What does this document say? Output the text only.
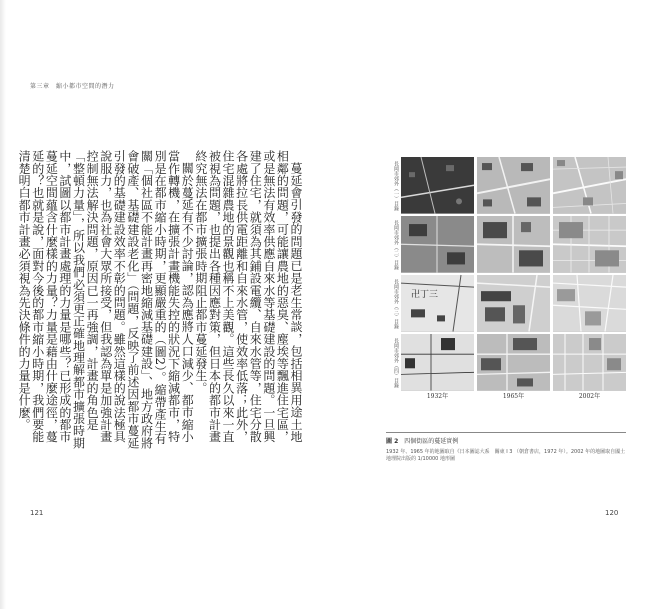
第三章　縮小都市空間的潛力

蔓延會引發的問題已是老生常談，包括相異用途土地相鄰的問題，可能讓農地的惡臭、塵埃等飄進住宅區，或是無法有效率供應自來水等基礎建設的問題。一旦興建了住宅，就須為其鋪設電纜、自來水管等，住宅分散各處將拉長供電距離和自來水管，使效率低落；此外，住宅混雜農地的景觀也稱不上美觀。這些長久以來一直被視為問題，也提出各種因應對策，但日本的都市計畫終究無法在都市擴張時期阻止都市蔓延發生。

關於蔓延有不少討論，認為應將人口減少、都市縮小當作轉機，在擴張計畫機能失控的狀況下縮減都市，特別是在都市縮小時期，更顯嚴重的（圖2）。縮帶產生有關「個社區不能計畫再密地縮減基礎建設」、地方政府將會破產、基礎建設老化」（問題，反映了前述因都市蔓延引發的基礎建設效率不彰的問題。雖然這樣的說法極具說服力，也為社會大眾所接受，但我認為單是加強計畫控制無法解決問題，原因已一再強調，計畫的角色是「整頓力量」，所以我們必須更正確地理解都市擴張時期中，試圖以都市計畫處理的力量是哪些？已形成的都市蔓延空間蘊含什麼樣的力量？力量是藉由什麼途徑，蔓延的？也就是說，面對今後的都市縮小時期，我們要能清楚明白都市計畫必須視為先決條件的力量是什麼。

121	120
長岡市郊外（一）目錄
長岡市郊外（二）目錄
長岡市郊外（三）目錄
長岡市郊外（四）目錄
卍丁三
1932年	1965年	2002年
圖 2 四個街區的蔓延實例
1932 年、1965 年的地圖取自《日本圖誌大系　關東 I 3 （朝倉書店，1972 年）。2002 年的地圖取自國土地理院出版的 1/10000 地形圖
